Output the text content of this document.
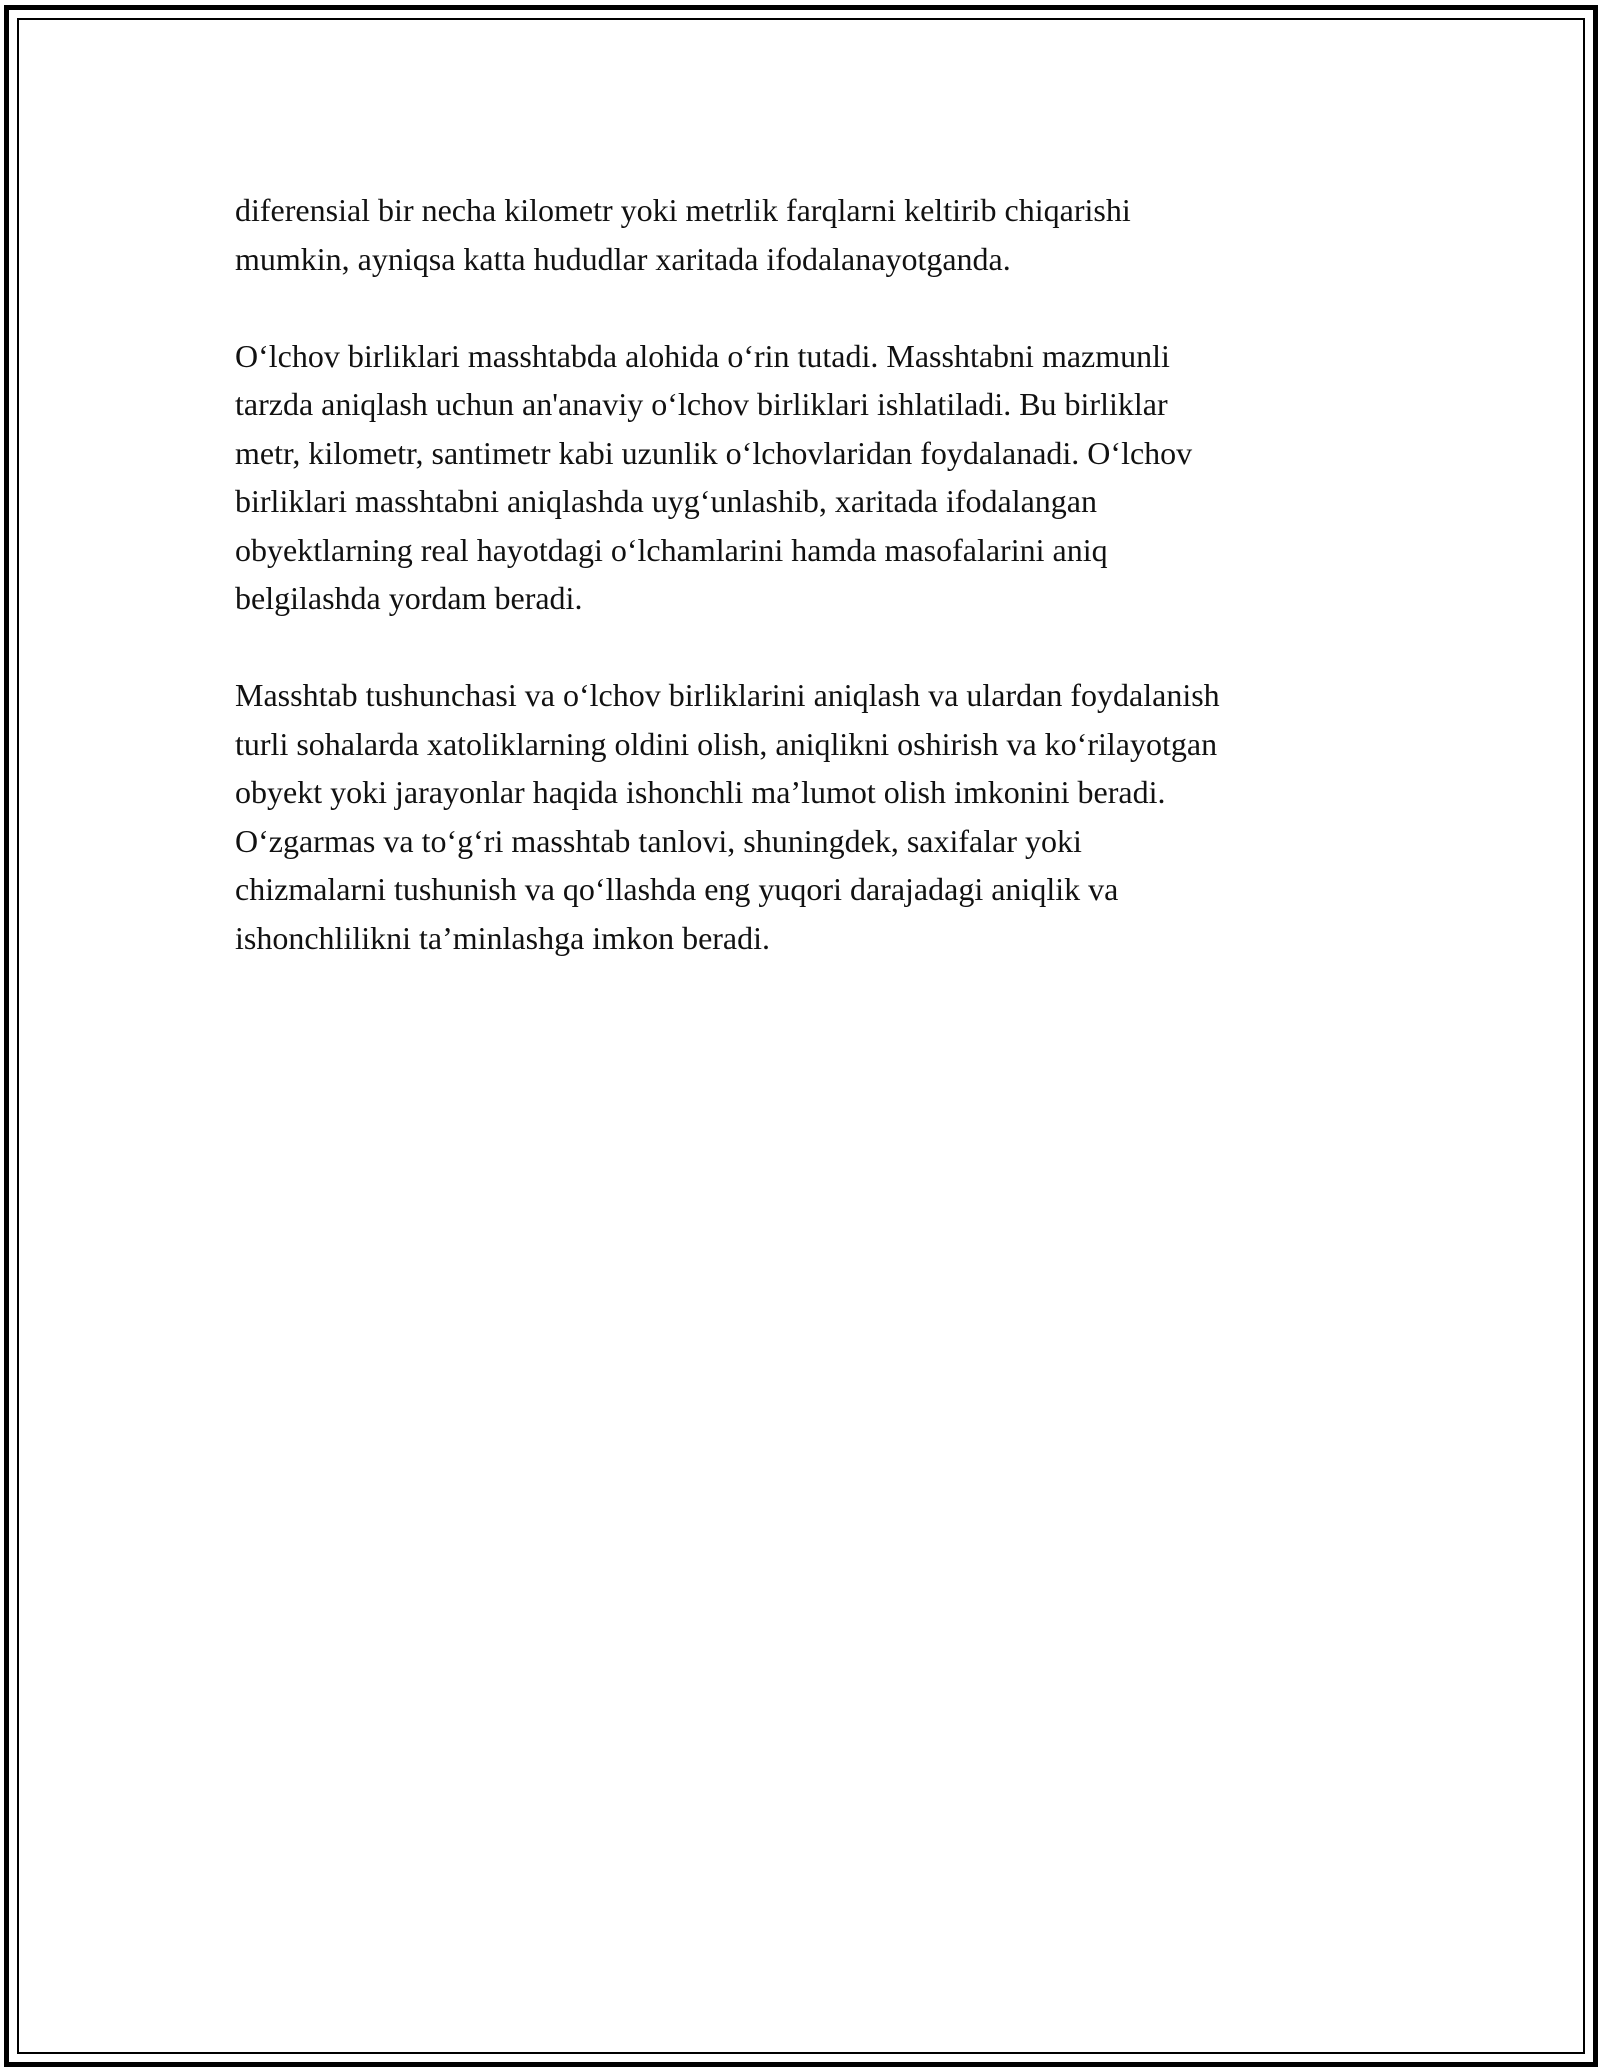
diferensial bir necha kilometr yoki metrlik farqlarni keltirib chiqarishi
mumkin, ayniqsa katta hududlar xaritada ifodalanayotganda.

O‘lchov birliklari masshtabda alohida o‘rin tutadi. Masshtabni mazmunli
tarzda aniqlash uchun an'anaviy o‘lchov birliklari ishlatiladi. Bu birliklar
metr, kilometr, santimetr kabi uzunlik o‘lchovlaridan foydalanadi. O‘lchov
birliklari masshtabni aniqlashda uyg‘unlashib, xaritada ifodalangan
obyektlarning real hayotdagi o‘lchamlarini hamda masofalarini aniq
belgilashda yordam beradi.

Masshtab tushunchasi va o‘lchov birliklarini aniqlash va ulardan foydalanish
turli sohalarda xatoliklarning oldini olish, aniqlikni oshirish va ko‘rilayotgan
obyekt yoki jarayonlar haqida ishonchli ma’lumot olish imkonini beradi.
O‘zgarmas va to‘g‘ri masshtab tanlovi, shuningdek, saxifalar yoki
chizmalarni tushunish va qo‘llashda eng yuqori darajadagi aniqlik va
ishonchlilikni ta’minlashga imkon beradi.
